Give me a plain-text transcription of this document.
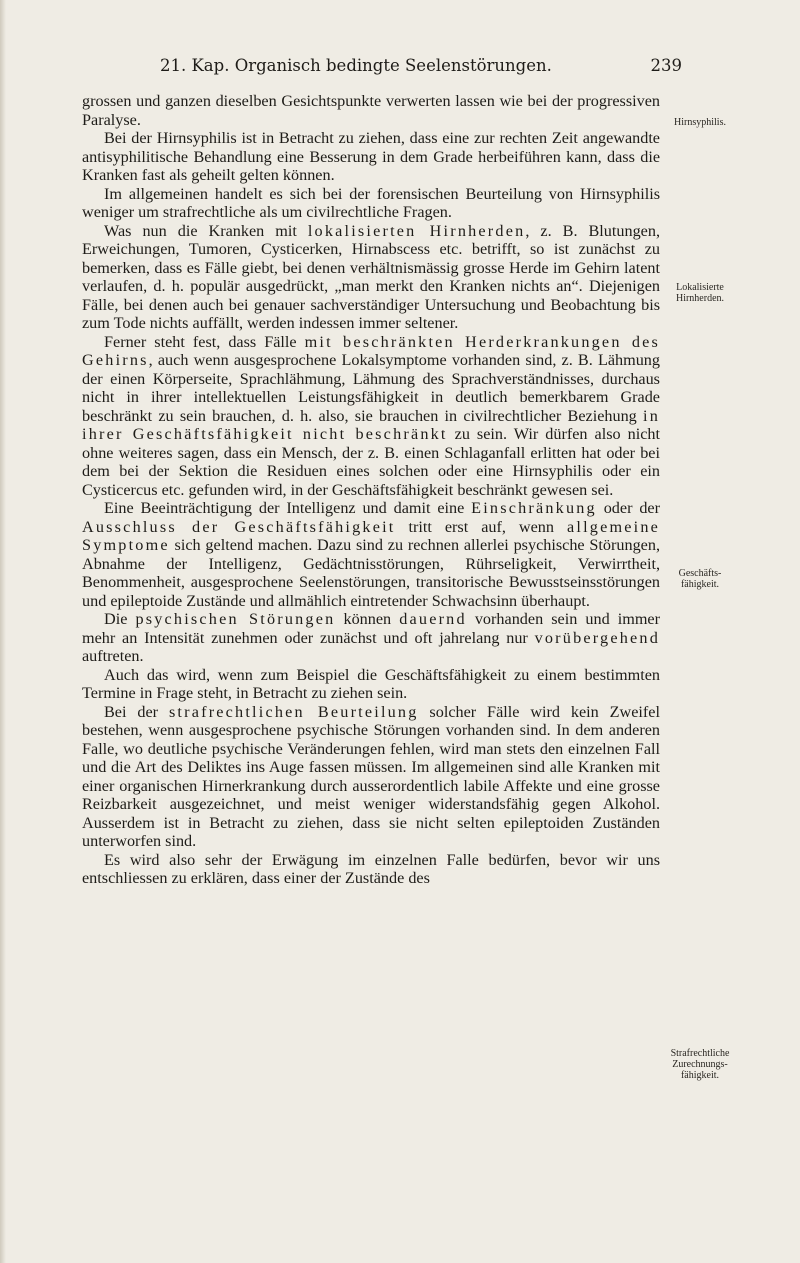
21. Kap. Organisch bedingte Seelenstörungen.	239

grossen und ganzen dieselben Gesichtspunkte verwerten lassen wie bei der progressiven Paralyse.

Bei der Hirnsyphilis ist in Betracht zu ziehen, dass eine zur rechten Zeit angewandte antisyphilitische Behandlung eine Besserung in dem Grade herbeiführen kann, dass die Kranken fast als geheilt gelten können.

Im allgemeinen handelt es sich bei der forensischen Beurteilung von Hirnsyphilis weniger um strafrechtliche als um civilrechtliche Fragen.

Was nun die Kranken mit lokalisierten Hirnherden, z. B. Blutungen, Erweichungen, Tumoren, Cysticerken, Hirnabscess etc. betrifft, so ist zunächst zu bemerken, dass es Fälle giebt, bei denen verhältnismässig grosse Herde im Gehirn latent verlaufen, d. h. populär ausgedrückt, „man merkt den Kranken nichts an“. Diejenigen Fälle, bei denen auch bei genauer sachverständiger Untersuchung und Beobachtung bis zum Tode nichts auffällt, werden indessen immer seltener.

Ferner steht fest, dass Fälle mit beschränkten Herderkrankungen des Gehirns, auch wenn ausgesprochene Lokalsymptome vorhanden sind, z. B. Lähmung der einen Körperseite, Sprachlähmung, Lähmung des Sprachverständnisses, durchaus nicht in ihrer intellektuellen Leistungsfähigkeit in deutlich bemerkbarem Grade beschränkt zu sein brauchen, d. h. also, sie brauchen in civilrechtlicher Beziehung in ihrer Geschäftsfähigkeit nicht beschränkt zu sein. Wir dürfen also nicht ohne weiteres sagen, dass ein Mensch, der z. B. einen Schlaganfall erlitten hat oder bei dem bei der Sektion die Residuen eines solchen oder eine Hirnsyphilis oder ein Cysticercus etc. gefunden wird, in der Geschäftsfähigkeit beschränkt gewesen sei.

Eine Beeinträchtigung der Intelligenz und damit eine Einschränkung oder der Ausschluss der Geschäftsfähigkeit tritt erst auf, wenn allgemeine Symptome sich geltend machen. Dazu sind zu rechnen allerlei psychische Störungen, Abnahme der Intelligenz, Gedächtnisstörungen, Rührseligkeit, Verwirrtheit, Benommenheit, ausgesprochene Seelenstörungen, transitorische Bewusstseinsstörungen und epileptoide Zustände und allmählich eintretender Schwachsinn überhaupt.

Die psychischen Störungen können dauernd vorhanden sein und immer mehr an Intensität zunehmen oder zunächst und oft jahrelang nur vorübergehend auftreten.

Auch das wird, wenn zum Beispiel die Geschäftsfähigkeit zu einem bestimmten Termine in Frage steht, in Betracht zu ziehen sein.

Bei der strafrechtlichen Beurteilung solcher Fälle wird kein Zweifel bestehen, wenn ausgesprochene psychische Störungen vorhanden sind. In dem anderen Falle, wo deutliche psychische Veränderungen fehlen, wird man stets den einzelnen Fall und die Art des Deliktes ins Auge fassen müssen. Im allgemeinen sind alle Kranken mit einer organischen Hirnerkrankung durch ausserordentlich labile Affekte und eine grosse Reizbarkeit ausgezeichnet, und meist weniger widerstandsfähig gegen Alkohol. Ausserdem ist in Betracht zu ziehen, dass sie nicht selten epileptoiden Zuständen unterworfen sind.

Es wird also sehr der Erwägung im einzelnen Falle bedürfen, bevor wir uns entschliessen zu erklären, dass einer der Zustände des

Hirnsyphilis.
Lokalisierte Hirnherden.
Geschäfts- fähigkeit.
Strafrechtliche Zurechnungs- fähigkeit.
